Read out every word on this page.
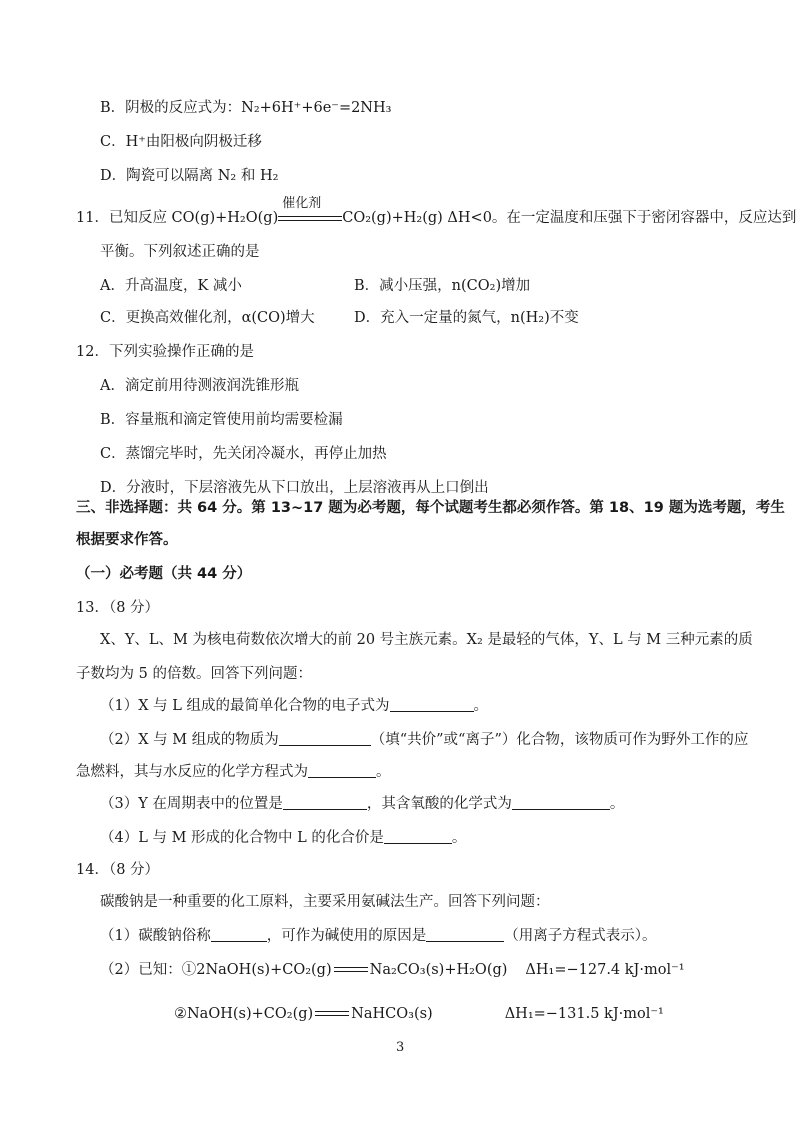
B．阴极的反应式为：N₂+6H⁺+6e⁻=2NH₃
C．H⁺由阳极向阴极迁移
D．陶瓷可以隔离 N₂ 和 H₂
11．已知反应 CO(g)+H₂O(g)
催化剂
CO₂(g)+H₂(g) ΔH<0。在一定温度和压强下于密闭容器中，反应达到
平衡。下列叙述正确的是
A．升高温度，K 减小	B．减小压强，n(CO₂)增加
C．更换高效催化剂，α(CO)增大	D．充入一定量的氮气，n(H₂)不变
12．下列实验操作正确的是
A．滴定前用待测液润洗锥形瓶
B．容量瓶和滴定管使用前均需要检漏
C．蒸馏完毕时，先关闭冷凝水，再停止加热
D．分液时，下层溶液先从下口放出，上层溶液再从上口倒出
三、非选择题：共 64 分。第 13~17 题为必考题，每个试题考生都必须作答。第 18、19 题为选考题，考生
根据要求作答。
（一）必考题（共 44 分）
13．（8 分）
X、Y、L、M 为核电荷数依次增大的前 20 号主族元素。X₂ 是最轻的气体，Y、L 与 M 三种元素的质
子数均为 5 的倍数。回答下列问题：
（1）X 与 L 组成的最简单化合物的电子式为	。
（2）X 与 M 组成的物质为	（填“共价”或“离子”）化合物，该物质可作为野外工作的应
急燃料，其与水反应的化学方程式为	。
（3）Y 在周期表中的位置是	，其含氧酸的化学式为	。
（4）L 与 M 形成的化合物中 L 的化合价是	。
14．（8 分）
碳酸钠是一种重要的化工原料，主要采用氨碱法生产。回答下列问题：
（1）碳酸钠俗称	，可作为碱使用的原因是	（用离子方程式表示）。
（2）已知：①2NaOH(s)+CO₂(g)	Na₂CO₃(s)+H₂O(g) ΔH₁=−127.4 kJ·mol⁻¹
②NaOH(s)+CO₂(g)	NaHCO₃(s)	ΔH₁=−131.5 kJ·mol⁻¹
3
